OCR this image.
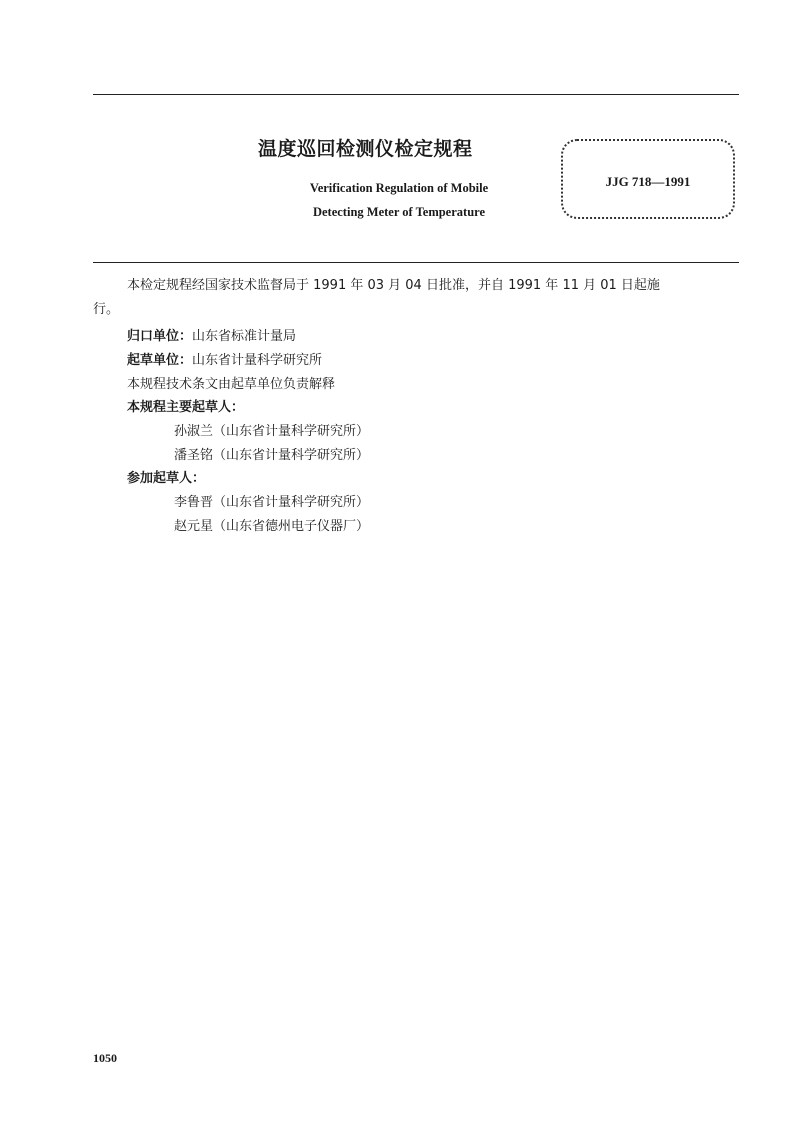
温度巡回检测仪检定规程
Verification Regulation of Mobile
Detecting Meter of Temperature
JJG 718—1991
本检定规程经国家技术监督局于 1991 年 03 月 04 日批准，并自 1991 年 11 月 01 日起施
行。
归口单位：山东省标准计量局
起草单位：山东省计量科学研究所
本规程技术条文由起草单位负责解释
本规程主要起草人：
孙淑兰（山东省计量科学研究所）
潘圣铭（山东省计量科学研究所）
参加起草人：
李鲁晋（山东省计量科学研究所）
赵元星（山东省德州电子仪器厂）
1050
